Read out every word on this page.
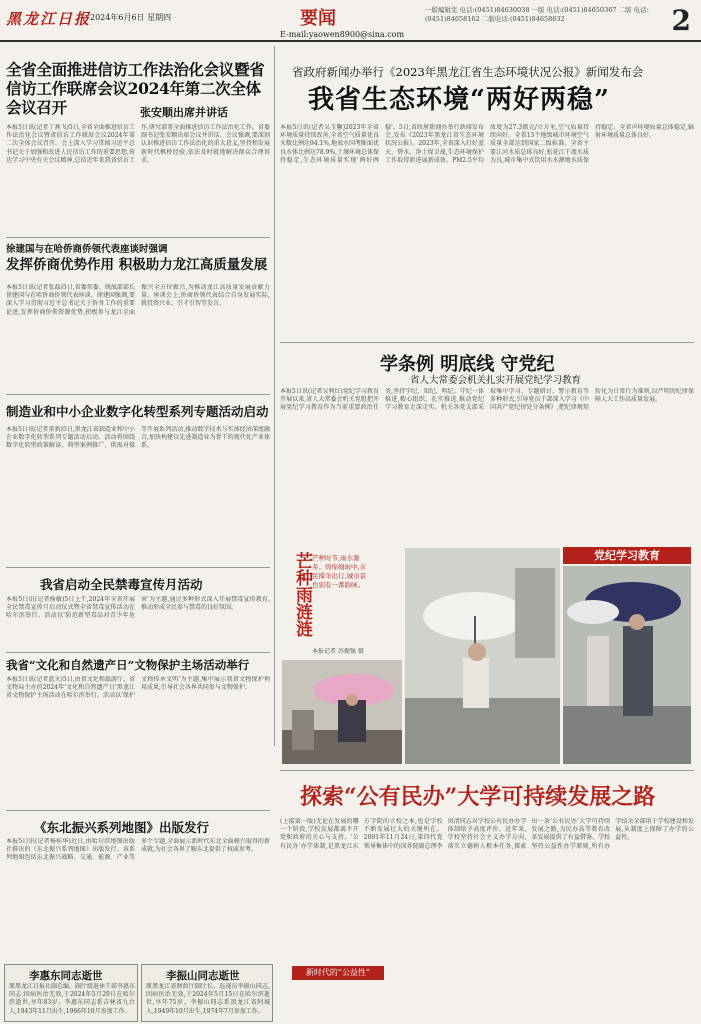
黑龙江日报
2024年6月6日 星期四	要闻
E-mail:yaowen8900@sina.com
一版编辑室 电话:(0451)84630038 一版 电话:(0451)84650367 二版 电话:(0451)84658162 二版电话:(0451)84658632	2
全省全面推进信访工作法治化会议暨省信访工作联席会议2024年第二次全体会议召开	张安顺出席并讲话
本报5日讯(记者丁燕飞)5日,全省全面推进信访工作法治化会议暨省信访工作联席会议2024年第二次全体会议召开。会上深入学习贯彻习近平总书记关于加强和改进人民信访工作的重要思想,传达学习中央有关会议精神,总结近年来我省信访工作,研究部署全面推进信访工作法治化工作。省委副书记张安顺出席会议并讲话。会议强调,要深刻认识推进信访工作法治化的重大意义,坚持和发展新时代枫桥经验,依法及时就地解决群众合理诉求。
徐建国与在哈侨商侨领代表座谈时强调
发挥侨商优势作用 积极助力龙江高质量发展
本报5日讯(记者张磊)5日,省委常委、统战部部长徐建国与在哈侨商侨领代表座谈。徐建国强调,要深入学习贯彻习近平总书记关于侨务工作的重要论述,发挥侨商侨领资源优势,积极参与龙江全面振兴全方位振兴,为推动龙江高质量发展贡献力量。座谈会上,侨商侨领代表结合自身发展实际,就投资兴业、引才引智等发言。
制造业和中小企业数字化转型系列专题活动启动
本报5日讯(记者董新)5日,黑龙江省制造业和中小企业数字化转型系列专题活动启动。活动将围绕数字化转型政策解读、典型案例推广、供需对接等开展系列活动,推动数字技术与实体经济深度融合,加快构建以先进制造业为骨干的现代化产业体系。
我省启动全民禁毒宣传月活动
本报5日讯(记者杨敏)5日上午,2024年全省开展全民禁毒宣传月启动仪式暨全省禁毒宣传活动在哈尔滨举行。活动以'防范新型毒品对青少年危害'为主题,通过多种形式深入开展禁毒宣传教育,推动形成全民参与禁毒的良好氛围。
我省“文化和自然遗产日”文物保护主场活动举行
本报5日讯(记者蓝天)5日,由省文化和旅游厅、省文物局主办的2024年'文化和自然遗产日'黑龙江省文物保护主场活动在哈尔滨举行。活动以'保护文物传承文明'为主题,集中展示我省文物保护利用成果,引导社会各界共同参与文物保护。
《东北振兴系列地图》出版发行
本报5日讯(记者杨桂华)近日,由哈尔滨地图出版社推出的《东北振兴系列地图》出版发行。该系列地图包括东北振兴战略、交通、能源、产业等多个专题,全面展示新时代东北全面振兴取得的新成就,为社会各界了解东北提供了权威参考。
李惠东同志逝世
原黑龙江日报社副总编、副厅级退休干部李惠东同志,因病医治无效,于2024年5月29日在哈尔滨逝世,享年83岁。李惠东同志系吉林省九台人,1943年11月出生,1966年10月参加工作。
李振山同志逝世
原黑龙江省财政厅副厅长、巡视员李振山同志,因病医治无效,于2024年5月15日在哈尔滨逝世,享年75岁。李振山同志系黑龙江省阿城人,1949年10月出生,1974年7月参加工作。
省政府新闻办举行《2023年黑龙江省生态环境状况公报》新闻发布会
我省生态环境“两好两稳”
本报5日讯(记者吴玉馨)2023年全省环境质量持续改善,全省空气质量优良天数比例达94.1%,地表水国考断面优良水体比例达78.9%,土壤环境总体保持稳定,生态环境质量实现'两好两稳'。5日,省政府新闻办举行新闻发布会,发布《2023年黑龙江省生态环境状况公报》。2023年,全省深入打好蓝天、碧水、净土保卫战,生态环境保护工作取得新进展新成效。PM2.5平均浓度为27.3微克/立方米,空气质量持续向好。全省13个地级城市环境空气质量全部达到国家二级标准。全省主要江河水质总体良好,松花江干流水质为良,城市集中式饮用水水源地水质保持稳定。全省声环境质量总体稳定,辐射环境质量总体良好。
学条例 明底线 守党纪
省人大常委会机关扎实开展党纪学习教育
本报5日讯(记者吴利红)党纪学习教育开展以来,省人大常委会机关党组把开展党纪学习教育作为当前重要政治任务,坚持学纪、知纪、明纪、守纪一体推进,精心组织、扎实推进,推动党纪学习教育走深走实。机关各党支部采取集中学习、专题研讨、警示教育等多种形式,引导党员干部深入学习《中国共产党纪律处分条例》,把纪律规矩转化为日常行为准则,以严明的纪律保障人大工作高质量发展。
党纪学习教育
芒种雨涟涟 芒种时节,雨水渐多。绵绵细雨中,市民撑伞出行,城市景色别有一番韵味。
本报记者 苏振强 摄
探索“公有民办”大学可持续发展之路
(上接第一版)无论在发展的哪一个阶段,学校发展都离不开党和政府的关心与支持。'公有民办'办学体制,是黑龙江东方学院的立校之本,也是学校不断发展壮大的关键所在。2001年11月24日,第四代党领导集体中的国务院副总理李岚清同志对学校公有民办办学体制给予高度评价。近年来,学校坚持社会主义办学方向,落实立德树人根本任务,探索出一条'公有民办'大学可持续发展之路,为民办高等教育改革发展提供了有益借鉴。学校坚持公益性办学原则,所有办学结余全部用于学校建设和发展,从制度上保障了办学的公益性。
新时代的“公益性”
